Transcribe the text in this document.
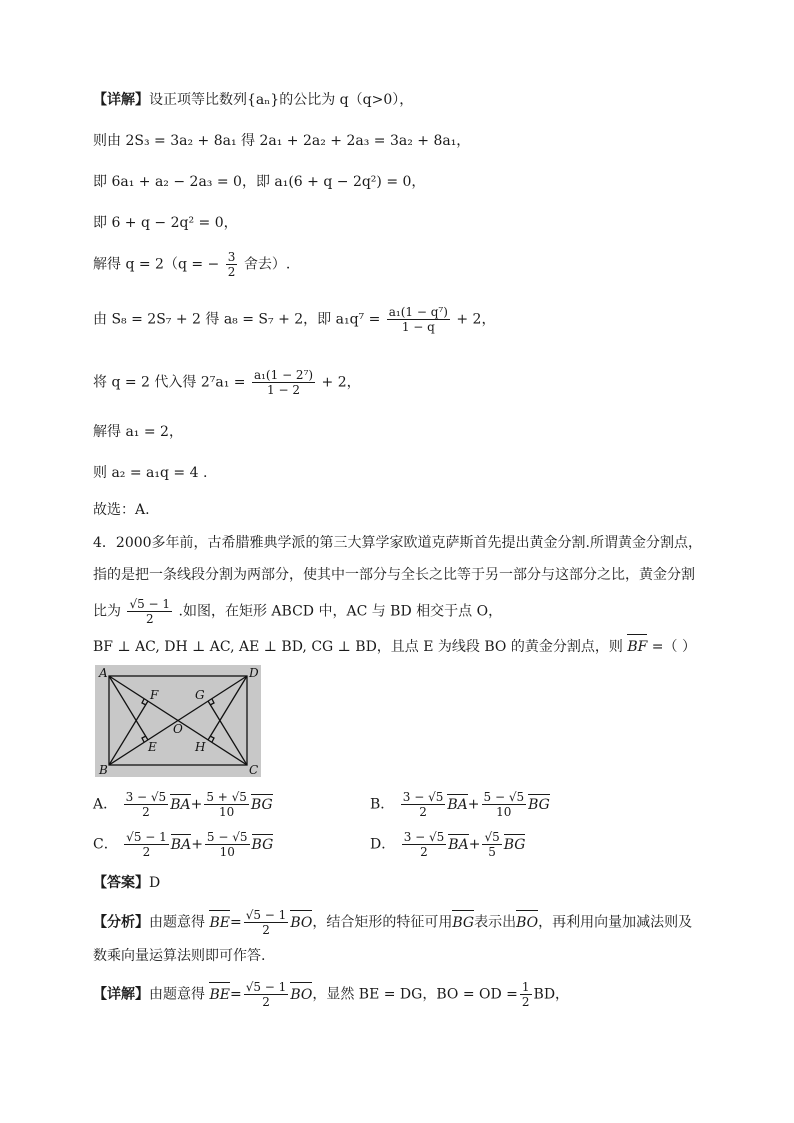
【详解】设正项等比数列{aₙ}的公比为 q（q>0），
则由 2S₃ = 3a₂ + 8a₁ 得 2a₁ + 2a₂ + 2a₃ = 3a₂ + 8a₁，
即 6a₁ + a₂ − 2a₃ = 0，即 a₁(6 + q − 2q²) = 0，
即 6 + q − 2q² = 0，
解得 q = 2（q = − $\frac{3}{2}$ 舍去）.
由 S₈ = 2S₇ + 2 得 a₈ = S₇ + 2，即 $a_1q^7 = \frac{\text{a₁(1 − q⁷)}}{1 - q} + 2$，
将 q = 2 代入得 $2^7a_1 = \frac{\text{a₁(1 − 2⁷)}}{1 - 2} + 2$，
解得 a₁ = 2，
则 a₂ = a₁q = 4 .
故选：A.
4．2000多年前，古希腊雅典学派的第三大算学家欧道克萨斯首先提出黄金分割.所谓黄金分割点，
指的是把一条线段分割为两部分，使其中一部分与全长之比等于另一部分与这部分之比，黄金分割
比为 $\frac{√5 - 1}{2}$ .如图，在矩形 ABCD 中，AC 与 BD 相交于点 O，
BF ⊥ AC, DH ⊥ AC, AE ⊥ BD, CG ⊥ BD，且点 E 为线段 BO 的黄金分割点，则 BF =（ ）
A
B	C
D
E
F	G
H
O
A． $\frac{3 - √5}{2} BA+ \frac{5 + √5}{10}$ BG	B． $\frac{3 - √5}{2} BA+ \frac{5 - √5}{10}$ BG
C． $\frac{√5 - 1}{2} BA+ \frac{5 - √5}{10}$ BG	D． $\frac{3 - √5}{2} BA+ \frac{√5}{5}$ BG
【答案】D
【分析】由题意得 $BE= \frac{√5 - 1}{2}$ BO，结合矩形的特征可用BG表示出BO，再利用向量加减法则及
数乘向量运算法则即可作答.
【详解】由题意得 $BE= \frac{√5 - 1}{2}$ BO，显然 BE = DG，BO = OD = $\frac{1}{2}$ BD，
